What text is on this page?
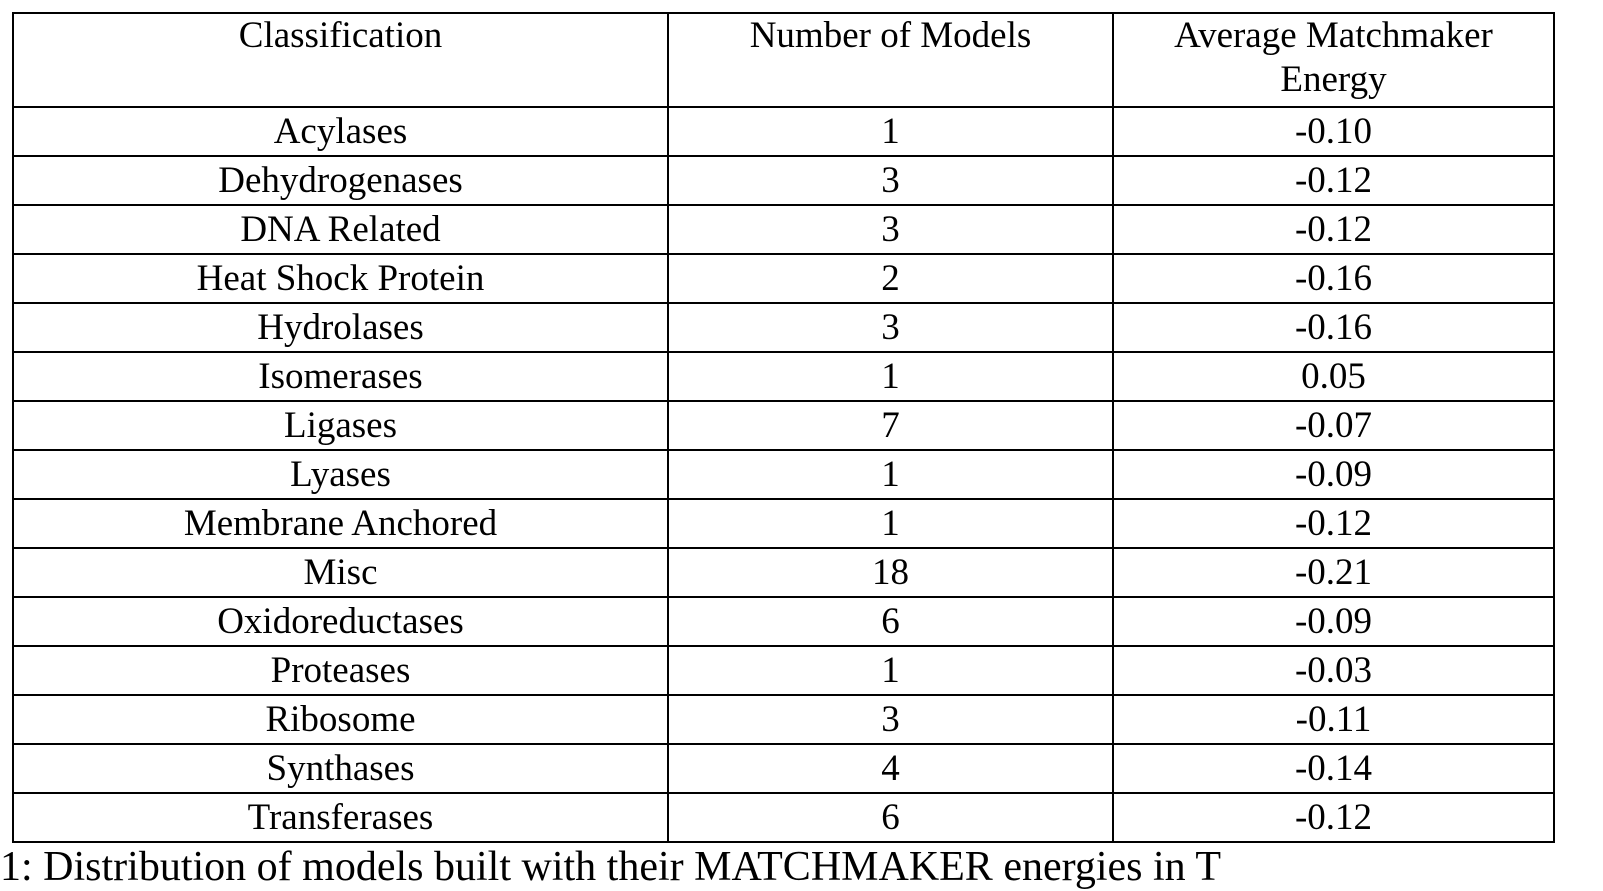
Classification	Number of Models	Average Matchmaker Energy
Acylases	1	-0.10
Dehydrogenases	3	-0.12
DNA Related	3	-0.12
Heat Shock Protein	2	-0.16
Hydrolases	3	-0.16
Isomerases	1	0.05
Ligases	7	-0.07
Lyases	1	-0.09
Membrane Anchored	1	-0.12
Misc	18	-0.21
Oxidoreductases	6	-0.09
Proteases	1	-0.03
Ribosome	3	-0.11
Synthases	4	-0.14
Transferases	6	-0.12
1: Distribution of models built with their MATCHMAKER energies in T
